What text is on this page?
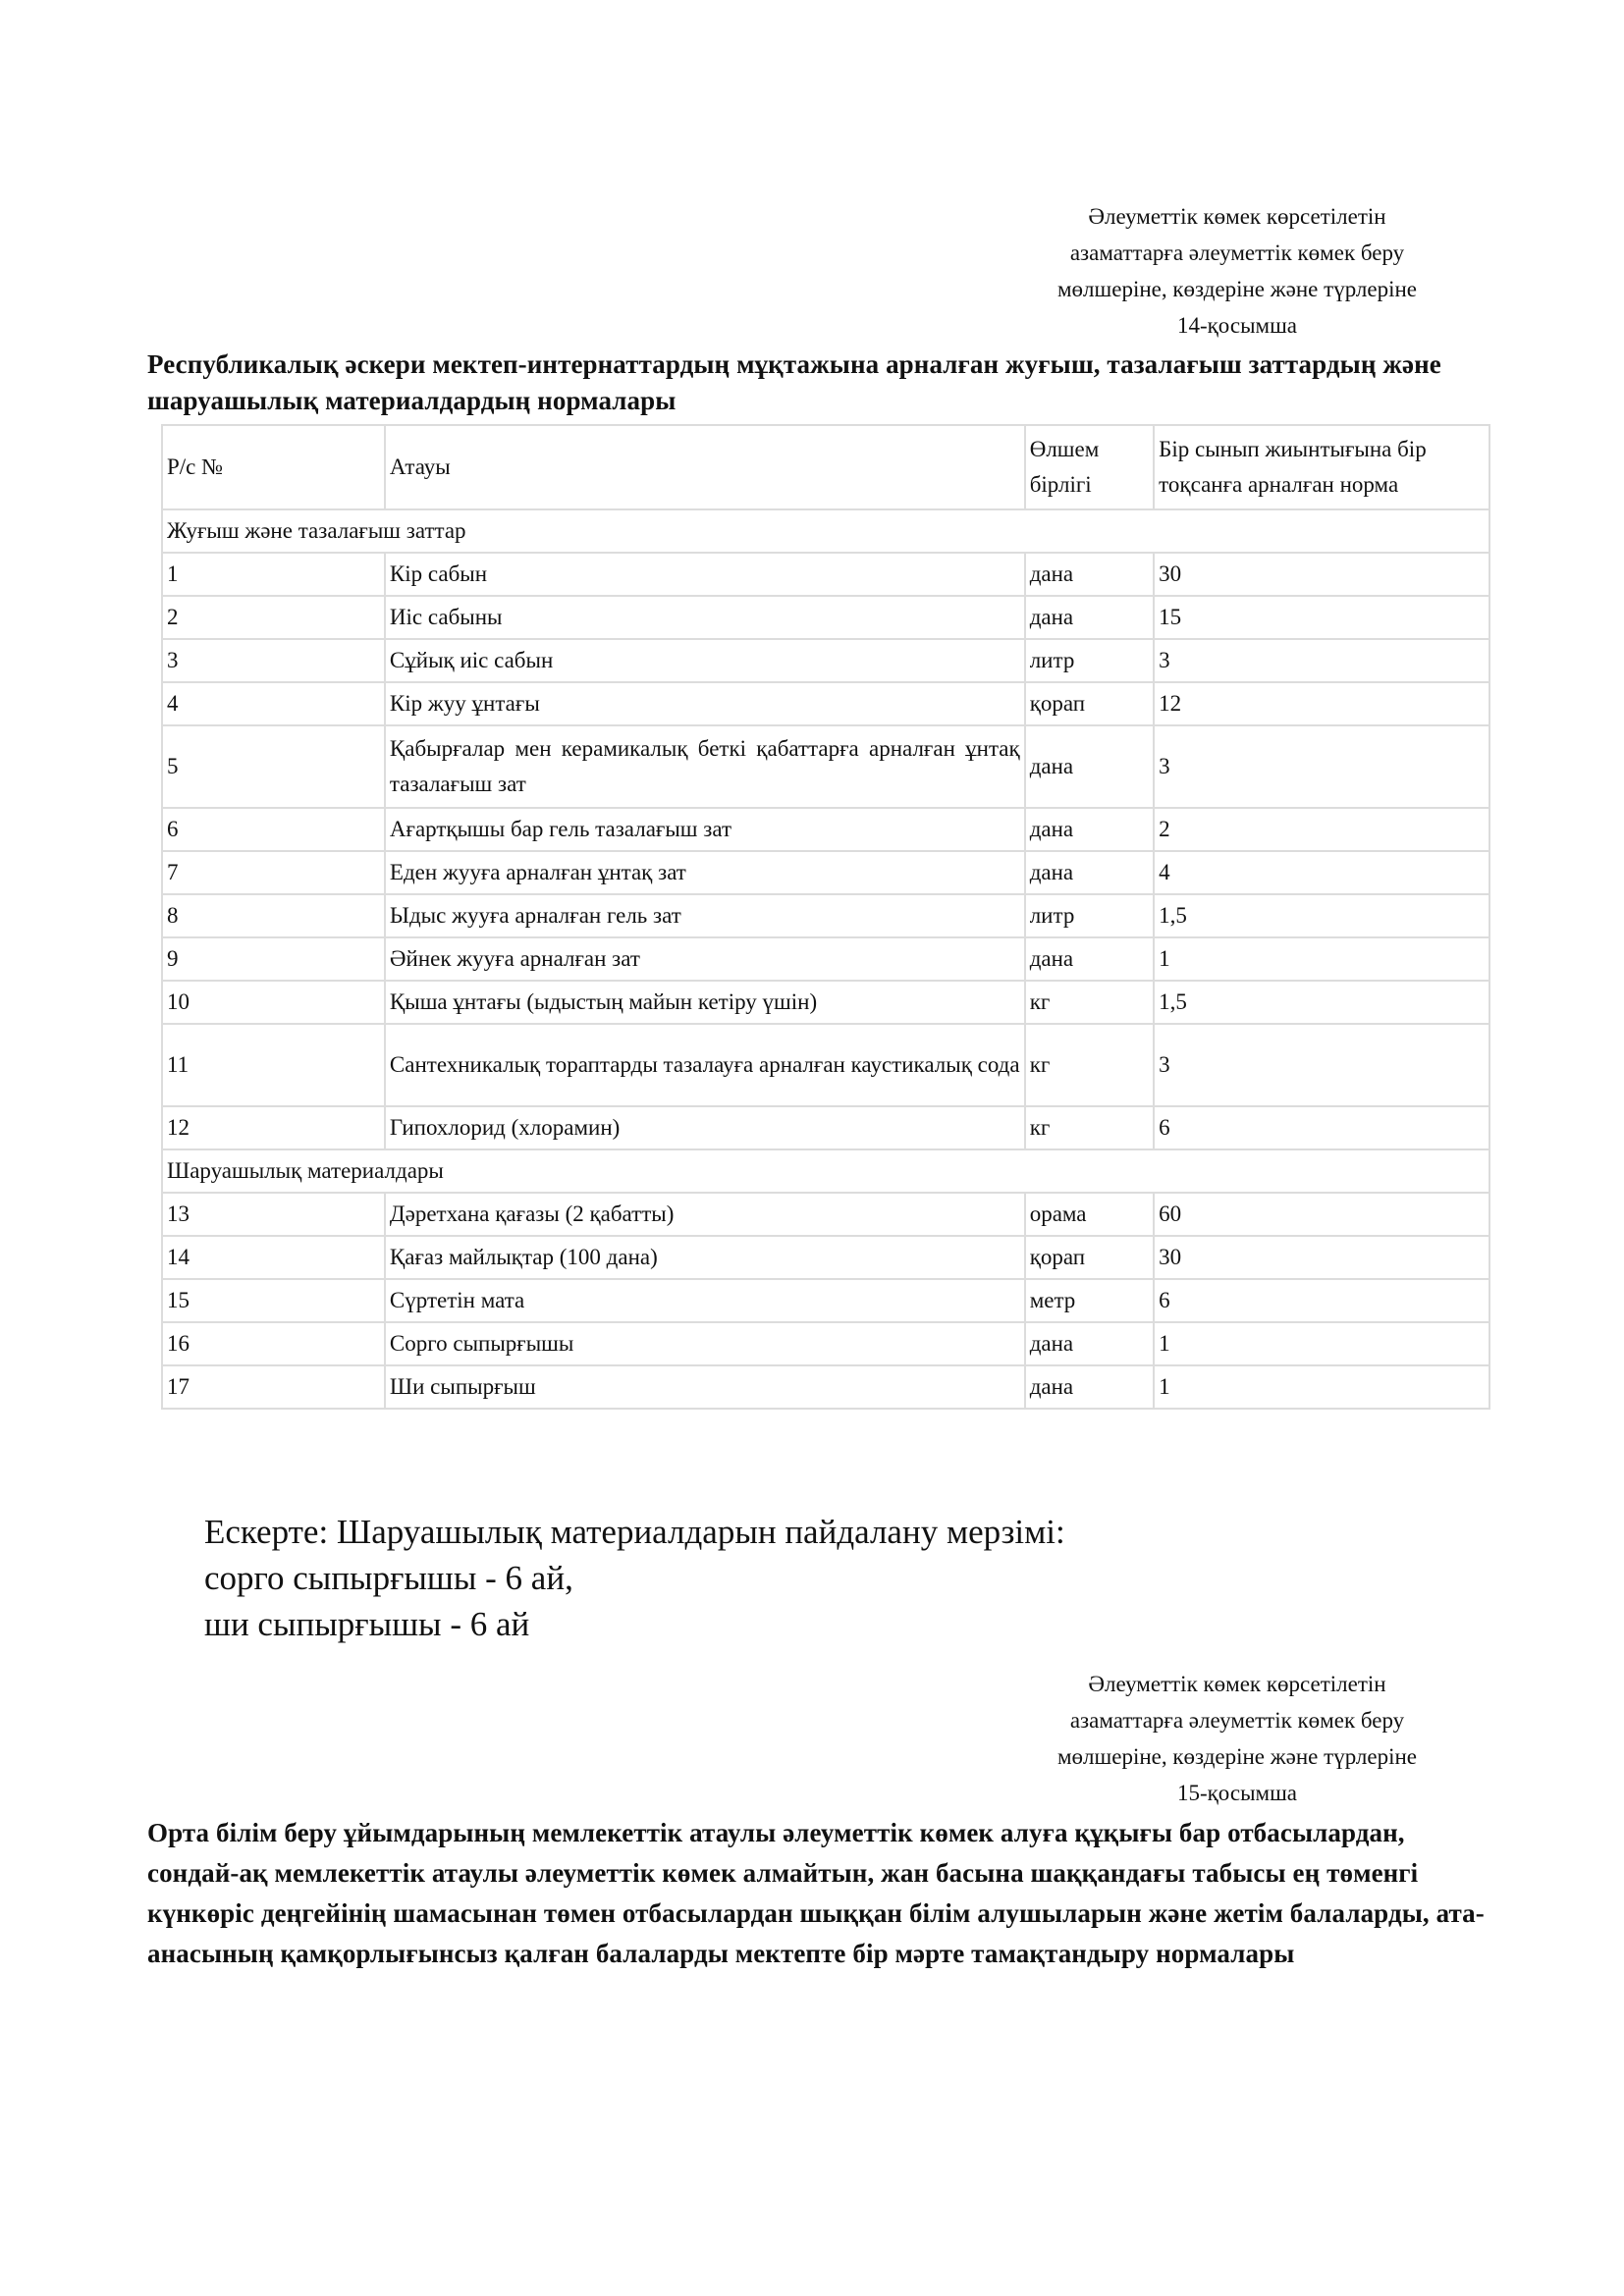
Әлеуметтік көмек көрсетілетін
азаматтарға әлеуметтік көмек беру
мөлшеріне, көздеріне және түрлеріне
14-қосымша
Республикалық әскери мектеп-интернаттардың мұқтажына арналған жуғыш, тазалағыш заттардың және шаруашылық материалдардың нормалары
Р/с №	Атауы	Өлшем бірлігі	Бір сынып жиынтығына бір тоқсанға арналған норма
Жуғыш және тазалағыш заттар			
1	Кір сабын	дана	30
2	Иіс сабыны	дана	15
3	Сұйық иіс сабын	литр	3
4	Кір жуу ұнтағы	қорап	12
5	Қабырғалар мен керамикалық беткі қабаттарға арналған ұнтақ тазалағыш зат	дана	3
6	Ағартқышы бар гель тазалағыш зат	дана	2
7	Еден жууға арналған ұнтақ зат	дана	4
8	Ыдыс жууға арналған гель зат	литр	1,5
9	Әйнек жууға арналған зат	дана	1
10	Қыша ұнтағы (ыдыстың майын кетіру үшін)	кг	1,5
11	Сантехникалық тораптарды тазалауға арналған каустикалық сода	кг	3
12	Гипохлорид (хлорамин)	кг	6
Шаруашылық материалдары			
13	Дәретхана қағазы (2 қабатты)	орама	60
14	Қағаз майлықтар (100 дана)	қорап	30
15	Сүртетін мата	метр	6
16	Сорго сыпырғышы	дана	1
17	Ши сыпырғыш	дана	1
Ескерте: Шаруашылық материалдарын пайдалану мерзімі:
сорго сыпырғышы - 6 ай,
ши сыпырғышы - 6 ай
Әлеуметтік көмек көрсетілетін
азаматтарға әлеуметтік көмек беру
мөлшеріне, көздеріне және түрлеріне
15-қосымша
Орта білім беру ұйымдарының мемлекеттік атаулы әлеуметтік көмек алуға құқығы бар отбасылардан, сондай-ақ мемлекеттік атаулы әлеуметтік көмек алмайтын, жан басына шаққандағы табысы ең төменгі күнкөріс деңгейінің шамасынан төмен отбасылардан шыққан білім алушыларын және жетім балаларды, ата-анасының қамқорлығынсыз қалған балаларды мектепте бір мәрте тамақтандыру нормалары
